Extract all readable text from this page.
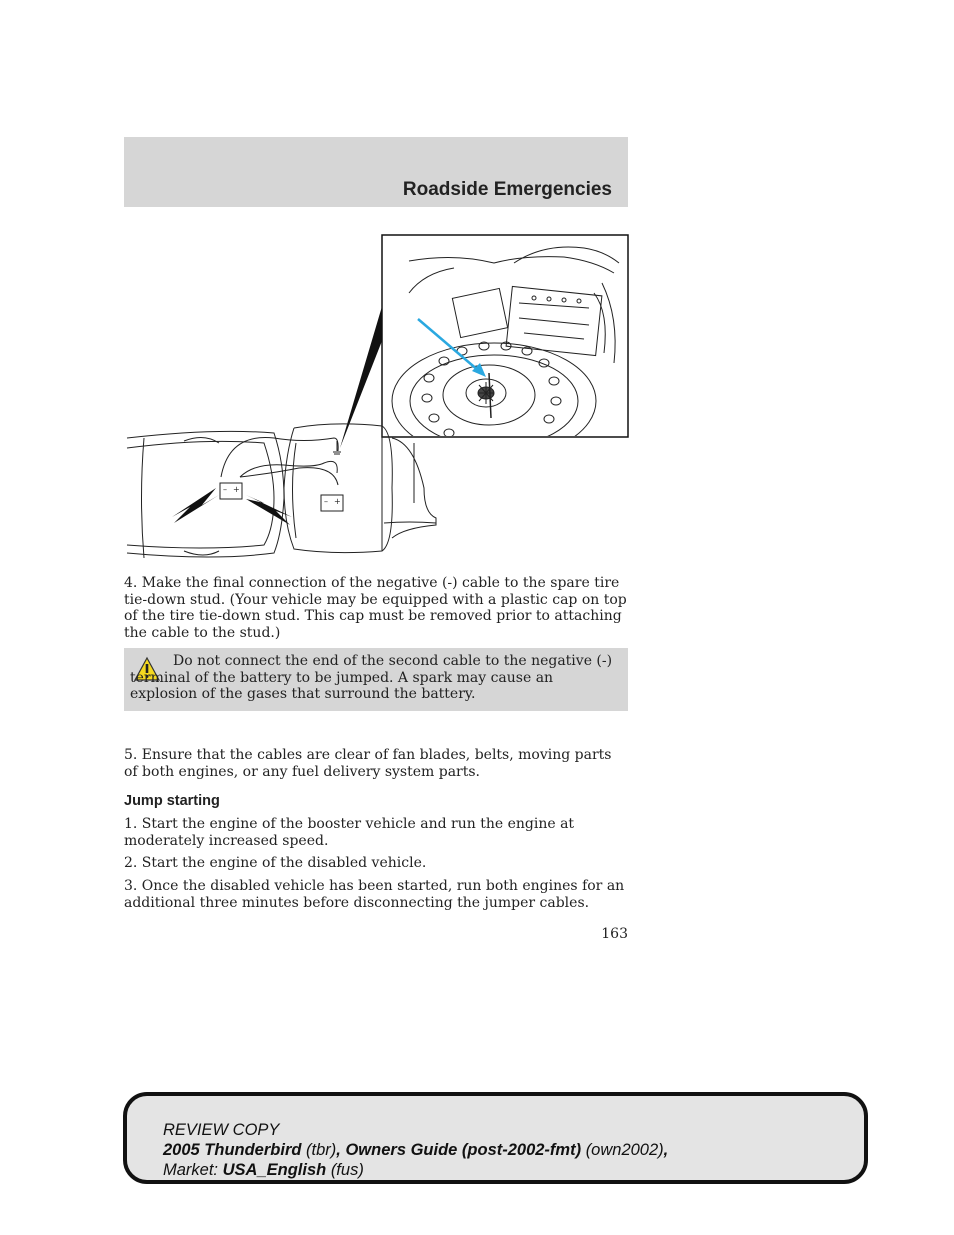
Roadside Emergencies
– +
– +
4. Make the final connection of the negative (-) cable to the spare tire tie-down stud. (Your vehicle may be equipped with a plastic cap on top of the tire tie-down stud. This cap must be removed prior to attaching the cable to the stud.)
Do not connect the end of the second cable to the negative (-) terminal of the battery to be jumped. A spark may cause an explosion of the gases that surround the battery.
5. Ensure that the cables are clear of fan blades, belts, moving parts of both engines, or any fuel delivery system parts.
Jump starting
1. Start the engine of the booster vehicle and run the engine at moderately increased speed.
2. Start the engine of the disabled vehicle.
3. Once the disabled vehicle has been started, run both engines for an additional three minutes before disconnecting the jumper cables.
163
REVIEW COPY
2005 Thunderbird (tbr), Owners Guide (post-2002-fmt) (own2002),
Market: USA_English (fus)
